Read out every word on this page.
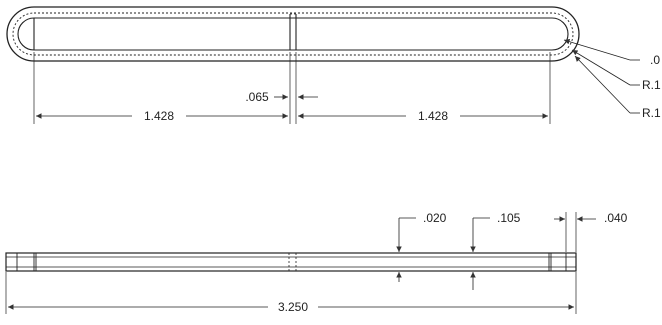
1.428	1.428
.065
.0
R.1
R.1
3.250
.020	.105	.040
